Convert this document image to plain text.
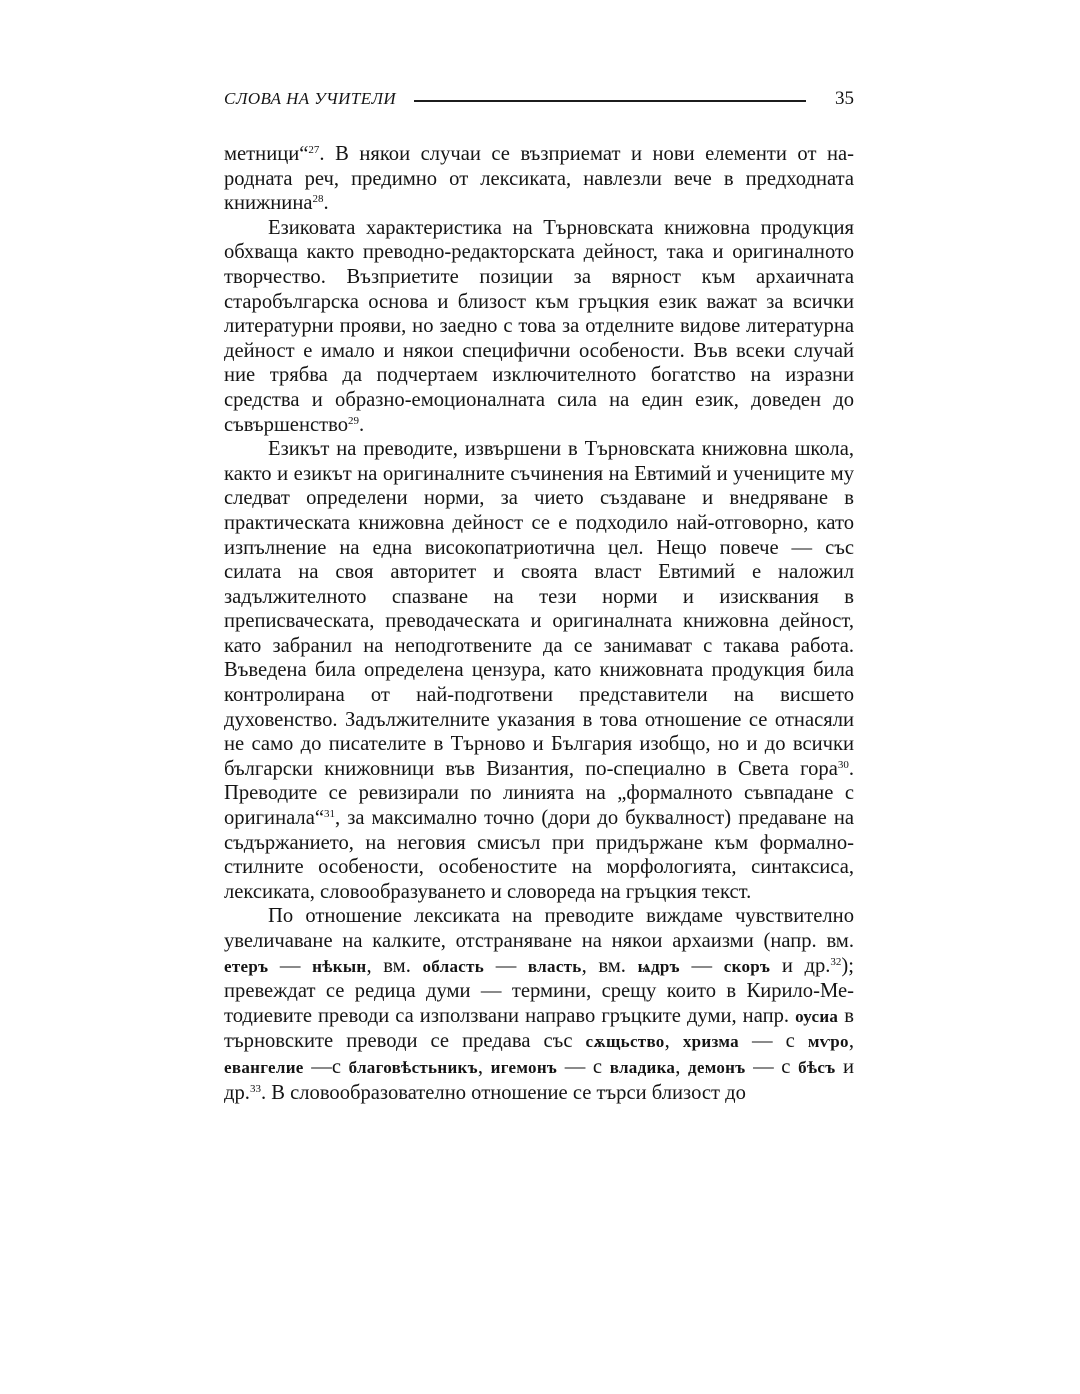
СЛОВА НА УЧИТЕЛИ	35

метници“$^{27}$. В някои случаи се възприемат и нови елементи от народната реч, предимно от лексиката, навлезли вече в предходната книжнина$^{28}$.

Езиковата характеристика на Търновската книжовна продукция обхваща както преводно-редакторската дейност, така и оригиналното творчество. Възприетите позиции за вярност към архаичната старобългарска основа и близост към гръцкия език важат за всички литературни прояви, но заедно с това за отделните видове литературна дейност е имало и някои специфични особености. Във всеки случай ние трябва да подчертаем изключителното богатство на изразни средства и образно-емоционалната сила на един език, доведен до съвършенство$^{29}$.

Езикът на преводите, извършени в Търновската книжовна школа, както и езикът на оригиналните съчинения на Евтимий и учениците му следват определени норми, за чието създаване и внедряване в практическата книжовна дейност се е подходило най-отговорно, като изпълнение на една високопатриотична цел. Нещо повече — със силата на своя авторитет и своята власт Евтимий е наложил задължителното спазване на тези норми и изисквания в преписваческата, преводаческата и оригиналната книжовна дейност, като забранил на неподготвените да се занимават с такава работа. Въведена била определена цензура, като книжовната продукция била контролирана от най-подготвени представители на висшето духовенство. Задължителните указания в това отношение се отнасяли не само до писателите в Търново и България изобщо, но и до всички български книжовници във Византия, по-специално в Света гора$^{30}$. Преводите се ревизирали по линията на „формалното съвпадане с оригинала“$^{31}$, за максимално точно (дори до буквалност) предаване на съдържанието, на неговия смисъл при придържане към формално-стилните особености, особеностите на морфологията, синтаксиса, лексиката, словообразуването и словореда на гръцкия текст.

По отношение лексиката на преводите виждаме чувствително увеличаване на калките, отстраняване на някои архаизми (напр. вм. етеръ — нѣкын, вм. область — власть, вм. ѩдръ — скоръ и др.$^{32}$); превеждат се редица думи — термини, срещу които в Кирило-Методиевите преводи са използвани направо гръцките думи, напр. оусиа в търновските преводи се предава със сѫщьство, хризма — с мѵро, евангелие —с благовѣстьникъ, игемонъ — с владика, демонъ — с бѣсъ и др.$^{33}$. В словообразователно отношение се търси близост до
